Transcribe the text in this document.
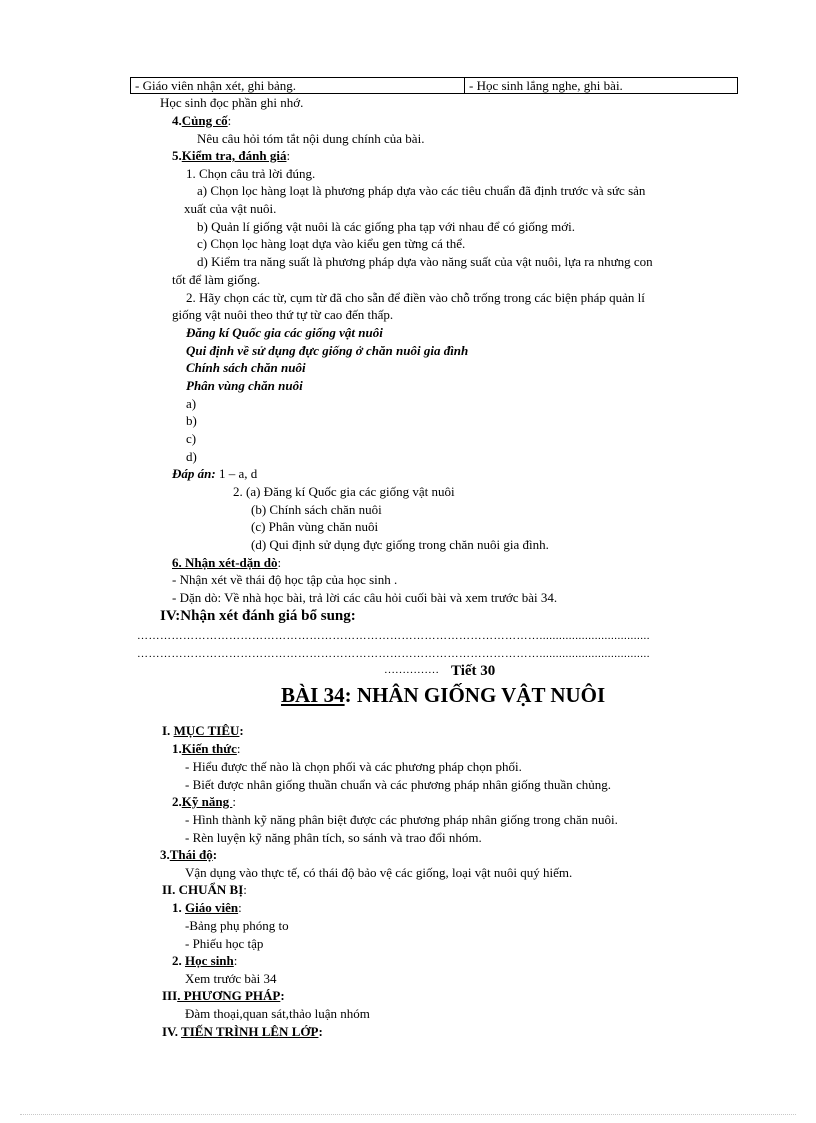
- Giáo viên nhận xét, ghi bảng.	- Học sinh lắng nghe, ghi bài.
Học sinh đọc phần ghi nhớ.
4.Củng cố:
Nêu câu hỏi tóm tắt nội dung chính của bài.
5.Kiểm tra, đánh giá:
1. Chọn câu trả lời đúng.
a) Chọn lọc hàng loạt là phương pháp dựa vào các tiêu chuẩn đã định trước và sức sản
xuất của vật nuôi.
b) Quản lí giống vật nuôi là các giống pha tạp với nhau để có giống mới.
c) Chọn lọc hàng loạt dựa vào kiểu gen từng cá thể.
d) Kiểm tra năng suất là phương pháp dựa vào năng suất của vật nuôi, lựa ra nhưng con
tốt để làm giống.
2. Hãy chọn các từ, cụm từ đã cho sẵn để điền vào chỗ trống trong các biện pháp quản lí
giống vật nuôi theo thứ tự từ cao đến thấp.
Đăng kí Quốc gia các giống vật nuôi
Qui định về sử dụng đực giống ở chăn nuôi gia đình
Chính sách chăn nuôi
Phân vùng chăn nuôi
a)
b)
c)
d)
Đáp án: 1 – a, d
2. (a) Đăng kí Quốc gia các giống vật nuôi
(b) Chính sách chăn nuôi
(c) Phân vùng chăn nuôi
(d) Qui định sử dụng đực giống trong chăn nuôi gia đình.
6. Nhận xét-dặn dò:
- Nhận xét về thái độ học tập của học sinh .
- Dặn dò: Về nhà học bài, trả lời các câu hỏi cuối bài và xem trước bài 34.
IV:Nhận xét đánh giá bổ sung:
……………………………………………………………………………………………..................................
……………………………………………………………………………………………..................................
…………… Tiết 30
BÀI 34: NHÂN GIỐNG VẬT NUÔI
I. MỤC TIÊU:
1.Kiến thức:
- Hiểu được thế nào là chọn phối và các phương pháp chọn phối.
- Biết được nhân giống thuần chuẩn và các phương pháp nhân giống thuần chủng.
2.Kỹ năng :
- Hình thành kỹ năng phân biệt được các phương pháp nhân giống trong chăn nuôi.
- Rèn luyện kỹ năng phân tích, so sánh và trao đổi nhóm.
3.Thái độ:
Vận dụng vào thực tế, có thái độ bảo vệ các giống, loại vật nuôi quý hiếm.
II. CHUẨN BỊ:
1. Giáo viên:
-Bảng phụ phóng to
- Phiếu học tập
2. Học sinh:
Xem trước bài 34
III. PHƯƠNG PHÁP:
Đàm thoại,quan sát,thảo luận nhóm
IV. TIẾN TRÌNH LÊN LỚP:
